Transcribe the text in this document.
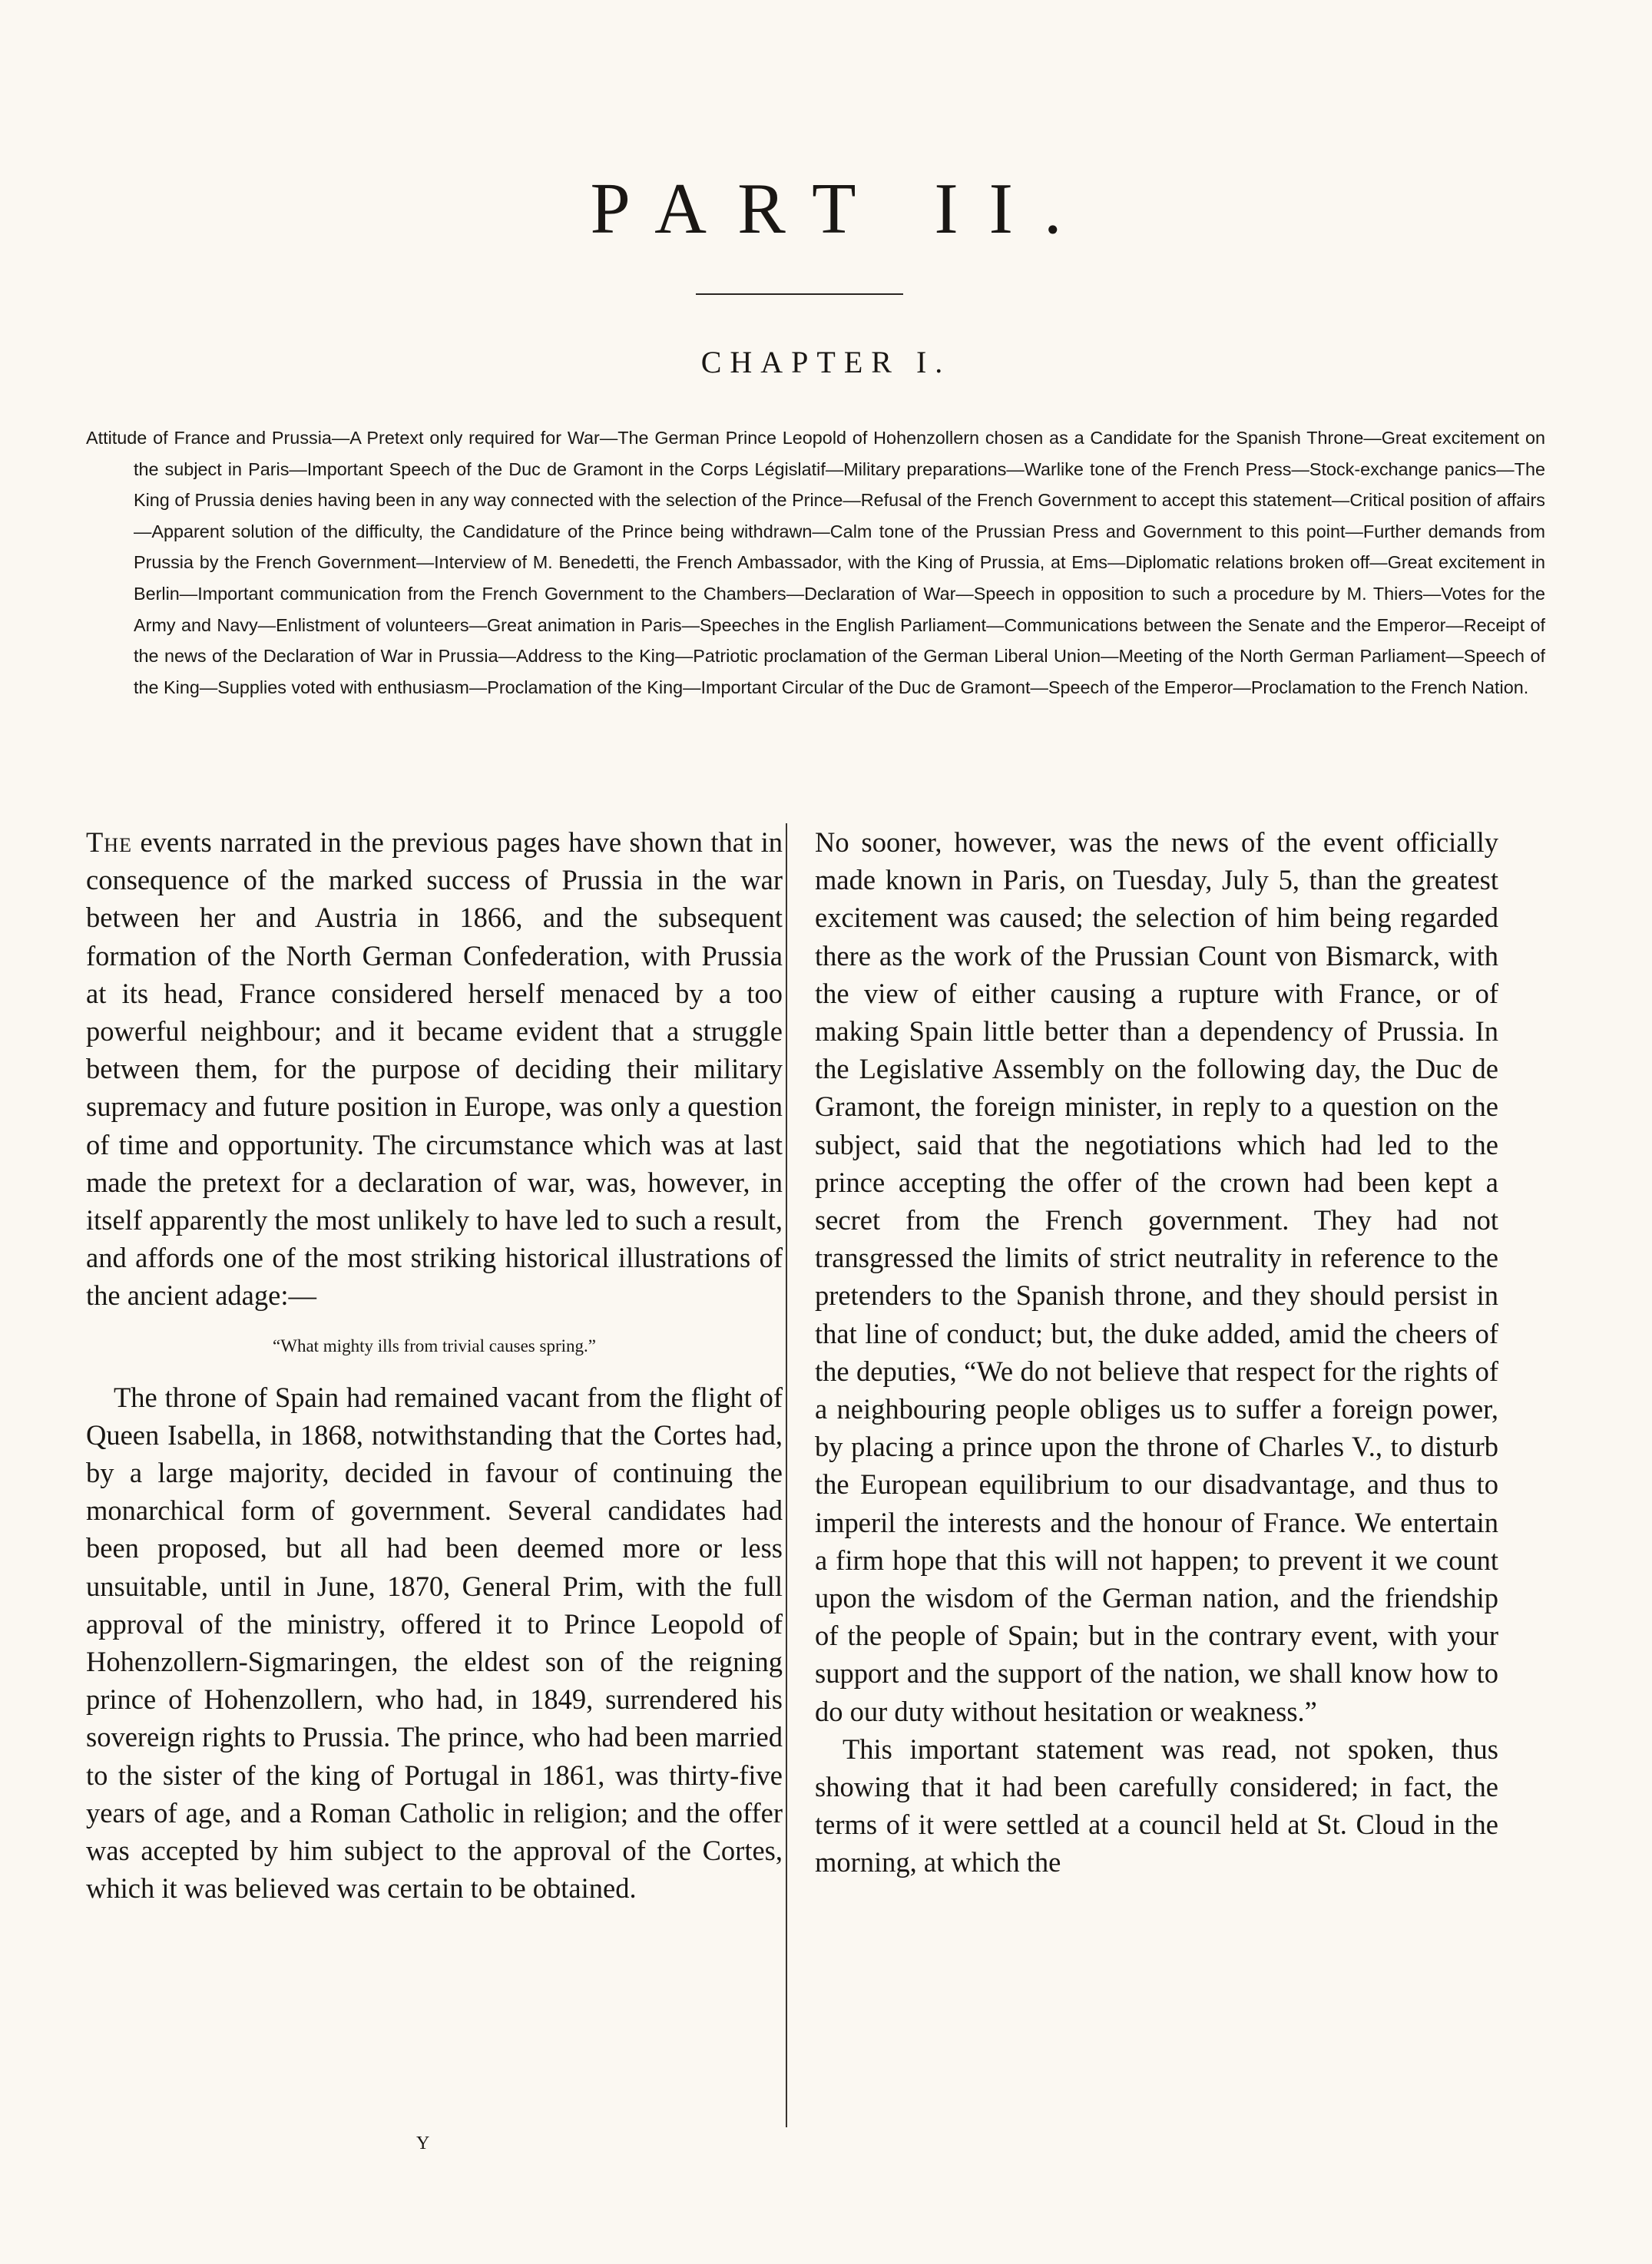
PART II.
CHAPTER I.

Attitude of France and Prussia—A Pretext only required for War—The German Prince Leopold of Hohenzollern chosen as a Candidate for the Spanish Throne—Great excitement on the subject in Paris—Important Speech of the Duc de Gramont in the Corps Législatif—Military preparations—Warlike tone of the French Press—Stock-exchange panics—The King of Prussia denies having been in any way connected with the selection of the Prince—Refusal of the French Government to accept this statement—Critical position of affairs—Apparent solution of the difficulty, the Candidature of the Prince being withdrawn—Calm tone of the Prussian Press and Government to this point—Further demands from Prussia by the French Government—Interview of M. Benedetti, the French Ambassador, with the King of Prussia, at Ems—Diplomatic relations broken off—Great excitement in Berlin—Important communication from the French Government to the Chambers—Declaration of War—Speech in opposition to such a procedure by M. Thiers—Votes for the Army and Navy—Enlistment of volunteers—Great animation in Paris—Speeches in the English Parliament—Communications between the Senate and the Emperor—Receipt of the news of the Declaration of War in Prussia—Address to the King—Patriotic proclamation of the German Liberal Union—Meeting of the North German Parliament—Speech of the King—Supplies voted with enthusiasm—Proclamation of the King—Important Circular of the Duc de Gramont—Speech of the Emperor—Proclamation to the French Nation.

The events narrated in the previous pages have shown that in consequence of the marked success of Prussia in the war between her and Austria in 1866, and the subsequent formation of the North German Confederation, with Prussia at its head, France considered herself menaced by a too powerful neighbour; and it became evident that a struggle between them, for the purpose of deciding their military supremacy and future position in Europe, was only a question of time and opportunity. The circumstance which was at last made the pretext for a declaration of war, was, however, in itself apparently the most unlikely to have led to such a result, and affords one of the most striking historical illustrations of the ancient adage:—

“What mighty ills from trivial causes spring.”

The throne of Spain had remained vacant from the flight of Queen Isabella, in 1868, notwithstanding that the Cortes had, by a large majority, decided in favour of continuing the monarchical form of government. Several candidates had been proposed, but all had been deemed more or less unsuitable, until in June, 1870, General Prim, with the full approval of the ministry, offered it to Prince Leopold of Hohenzollern-Sigmaringen, the eldest son of the reigning prince of Hohenzollern, who had, in 1849, surrendered his sovereign rights to Prussia. The prince, who had been married to the sister of the king of Portugal in 1861, was thirty-five years of age, and a Roman Catholic in religion; and the offer was accepted by him subject to the approval of the Cortes, which it was believed was certain to be obtained.

No sooner, however, was the news of the event officially made known in Paris, on Tuesday, July 5, than the greatest excitement was caused; the selection of him being regarded there as the work of the Prussian Count von Bismarck, with the view of either causing a rupture with France, or of making Spain little better than a dependency of Prussia. In the Legislative Assembly on the following day, the Duc de Gramont, the foreign minister, in reply to a question on the subject, said that the negotiations which had led to the prince accepting the offer of the crown had been kept a secret from the French government. They had not transgressed the limits of strict neutrality in reference to the pretenders to the Spanish throne, and they should persist in that line of conduct; but, the duke added, amid the cheers of the deputies, “We do not believe that respect for the rights of a neighbouring people obliges us to suffer a foreign power, by placing a prince upon the throne of Charles V., to disturb the European equilibrium to our disadvantage, and thus to imperil the interests and the honour of France. We entertain a firm hope that this will not happen; to prevent it we count upon the wisdom of the German nation, and the friendship of the people of Spain; but in the contrary event, with your support and the support of the nation, we shall know how to do our duty without hesitation or weakness.”

This important statement was read, not spoken, thus showing that it had been carefully considered; in fact, the terms of it were settled at a council held at St. Cloud in the morning, at which the

Y
